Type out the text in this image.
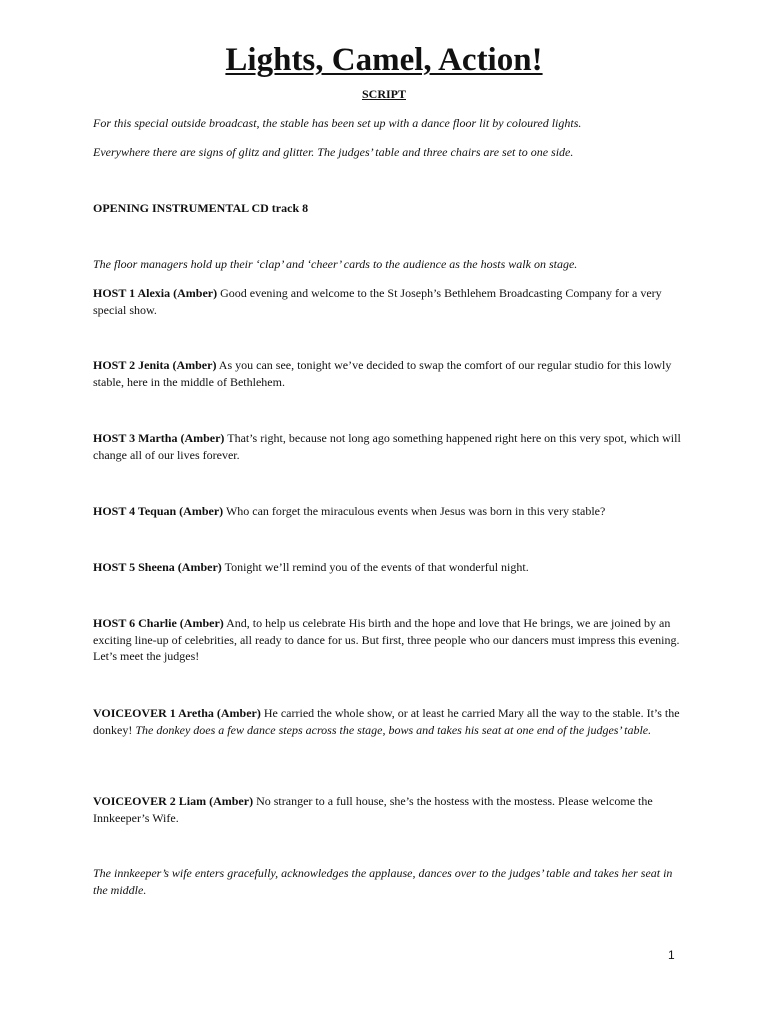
Lights, Camel, Action!
SCRIPT

For this special outside broadcast, the stable has been set up with a dance floor lit by coloured lights.

Everywhere there are signs of glitz and glitter. The judges’ table and three chairs are set to one side.

OPENING INSTRUMENTAL CD track 8

The floor managers hold up their ‘clap’ and ‘cheer’ cards to the audience as the hosts walk on stage.

HOST 1 Alexia (Amber) Good evening and welcome to the St Joseph’s Bethlehem Broadcasting Company for a very special show.

HOST 2 Jenita (Amber) As you can see, tonight we’ve decided to swap the comfort of our regular studio for this lowly stable, here in the middle of Bethlehem.

HOST 3 Martha (Amber) That’s right, because not long ago something happened right here on this very spot, which will change all of our lives forever.

HOST 4 Tequan (Amber) Who can forget the miraculous events when Jesus was born in this very stable?

HOST 5 Sheena (Amber) Tonight we’ll remind you of the events of that wonderful night.

HOST 6 Charlie (Amber) And, to help us celebrate His birth and the hope and love that He brings, we are joined by an exciting line-up of celebrities, all ready to dance for us. But first, three people who our dancers must impress this evening. Let’s meet the judges!

VOICEOVER 1 Aretha (Amber) He carried the whole show, or at least he carried Mary all the way to the stable. It’s the donkey! The donkey does a few dance steps across the stage, bows and takes his seat at one end of the judges’ table.

VOICEOVER 2 Liam (Amber) No stranger to a full house, she’s the hostess with the mostess. Please welcome the Innkeeper’s Wife.

The innkeeper’s wife enters gracefully, acknowledges the applause, dances over to the judges’ table and takes her seat in the middle.

1
